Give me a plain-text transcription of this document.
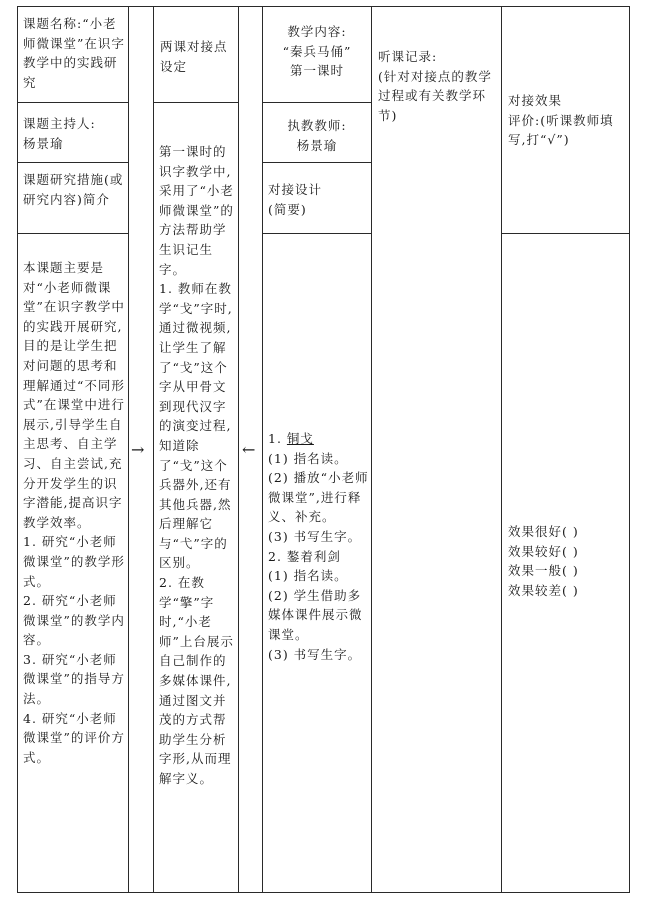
课题名称:“小老师微课堂”在识字教学中的实践研究
课题主持人:
杨景瑜
课题研究措施(或研究内容)简介
本课题主要是对“小老师微课堂”在识字教学中的实践开展研究,目的是让学生把对问题的思考和理解通过“不同形式”在课堂中进行展示,引导学生自主思考、自主学习、自主尝试,充分开发学生的识字潜能,提高识字教学效率。
1. 研究“小老师微课堂”的教学形式。
2. 研究“小老师微课堂”的教学内容。
3. 研究“小老师微课堂”的指导方法。
4. 研究“小老师微课堂”的评价方式。
→	←
两课对接点设定
第一课时的识字教学中,采用了“小老师微课堂”的方法帮助学生识记生字。
1. 教师在教学“戈”字时,通过微视频,让学生了解了“戈”这个字从甲骨文到现代汉字的演变过程,知道除了“戈”这个兵器外,还有其他兵器,然后理解它与“弋”字的区别。
2. 在教学“擎”字时,“小老师”上台展示自己制作的多媒体课件,通过图文并茂的方式帮助学生分析字形,从而理解字义。
教学内容:
“秦兵马俑”
第一课时
执教教师:
杨景瑜
对接设计
(简要)
1. 铜戈
(1) 指名读。
(2) 播放“小老师微课堂”,进行释义、补充。
(3) 书写生字。
2. 鏊着利剑
(1) 指名读。
(2) 学生借助多媒体课件展示微课堂。
(3) 书写生字。
听课记录:
(针对对接点的教学过程或有关教学环节)
对接效果
评价:(听课教师填写,打“√”)
效果很好( )
效果较好( )
效果一般( )
效果较差( )
